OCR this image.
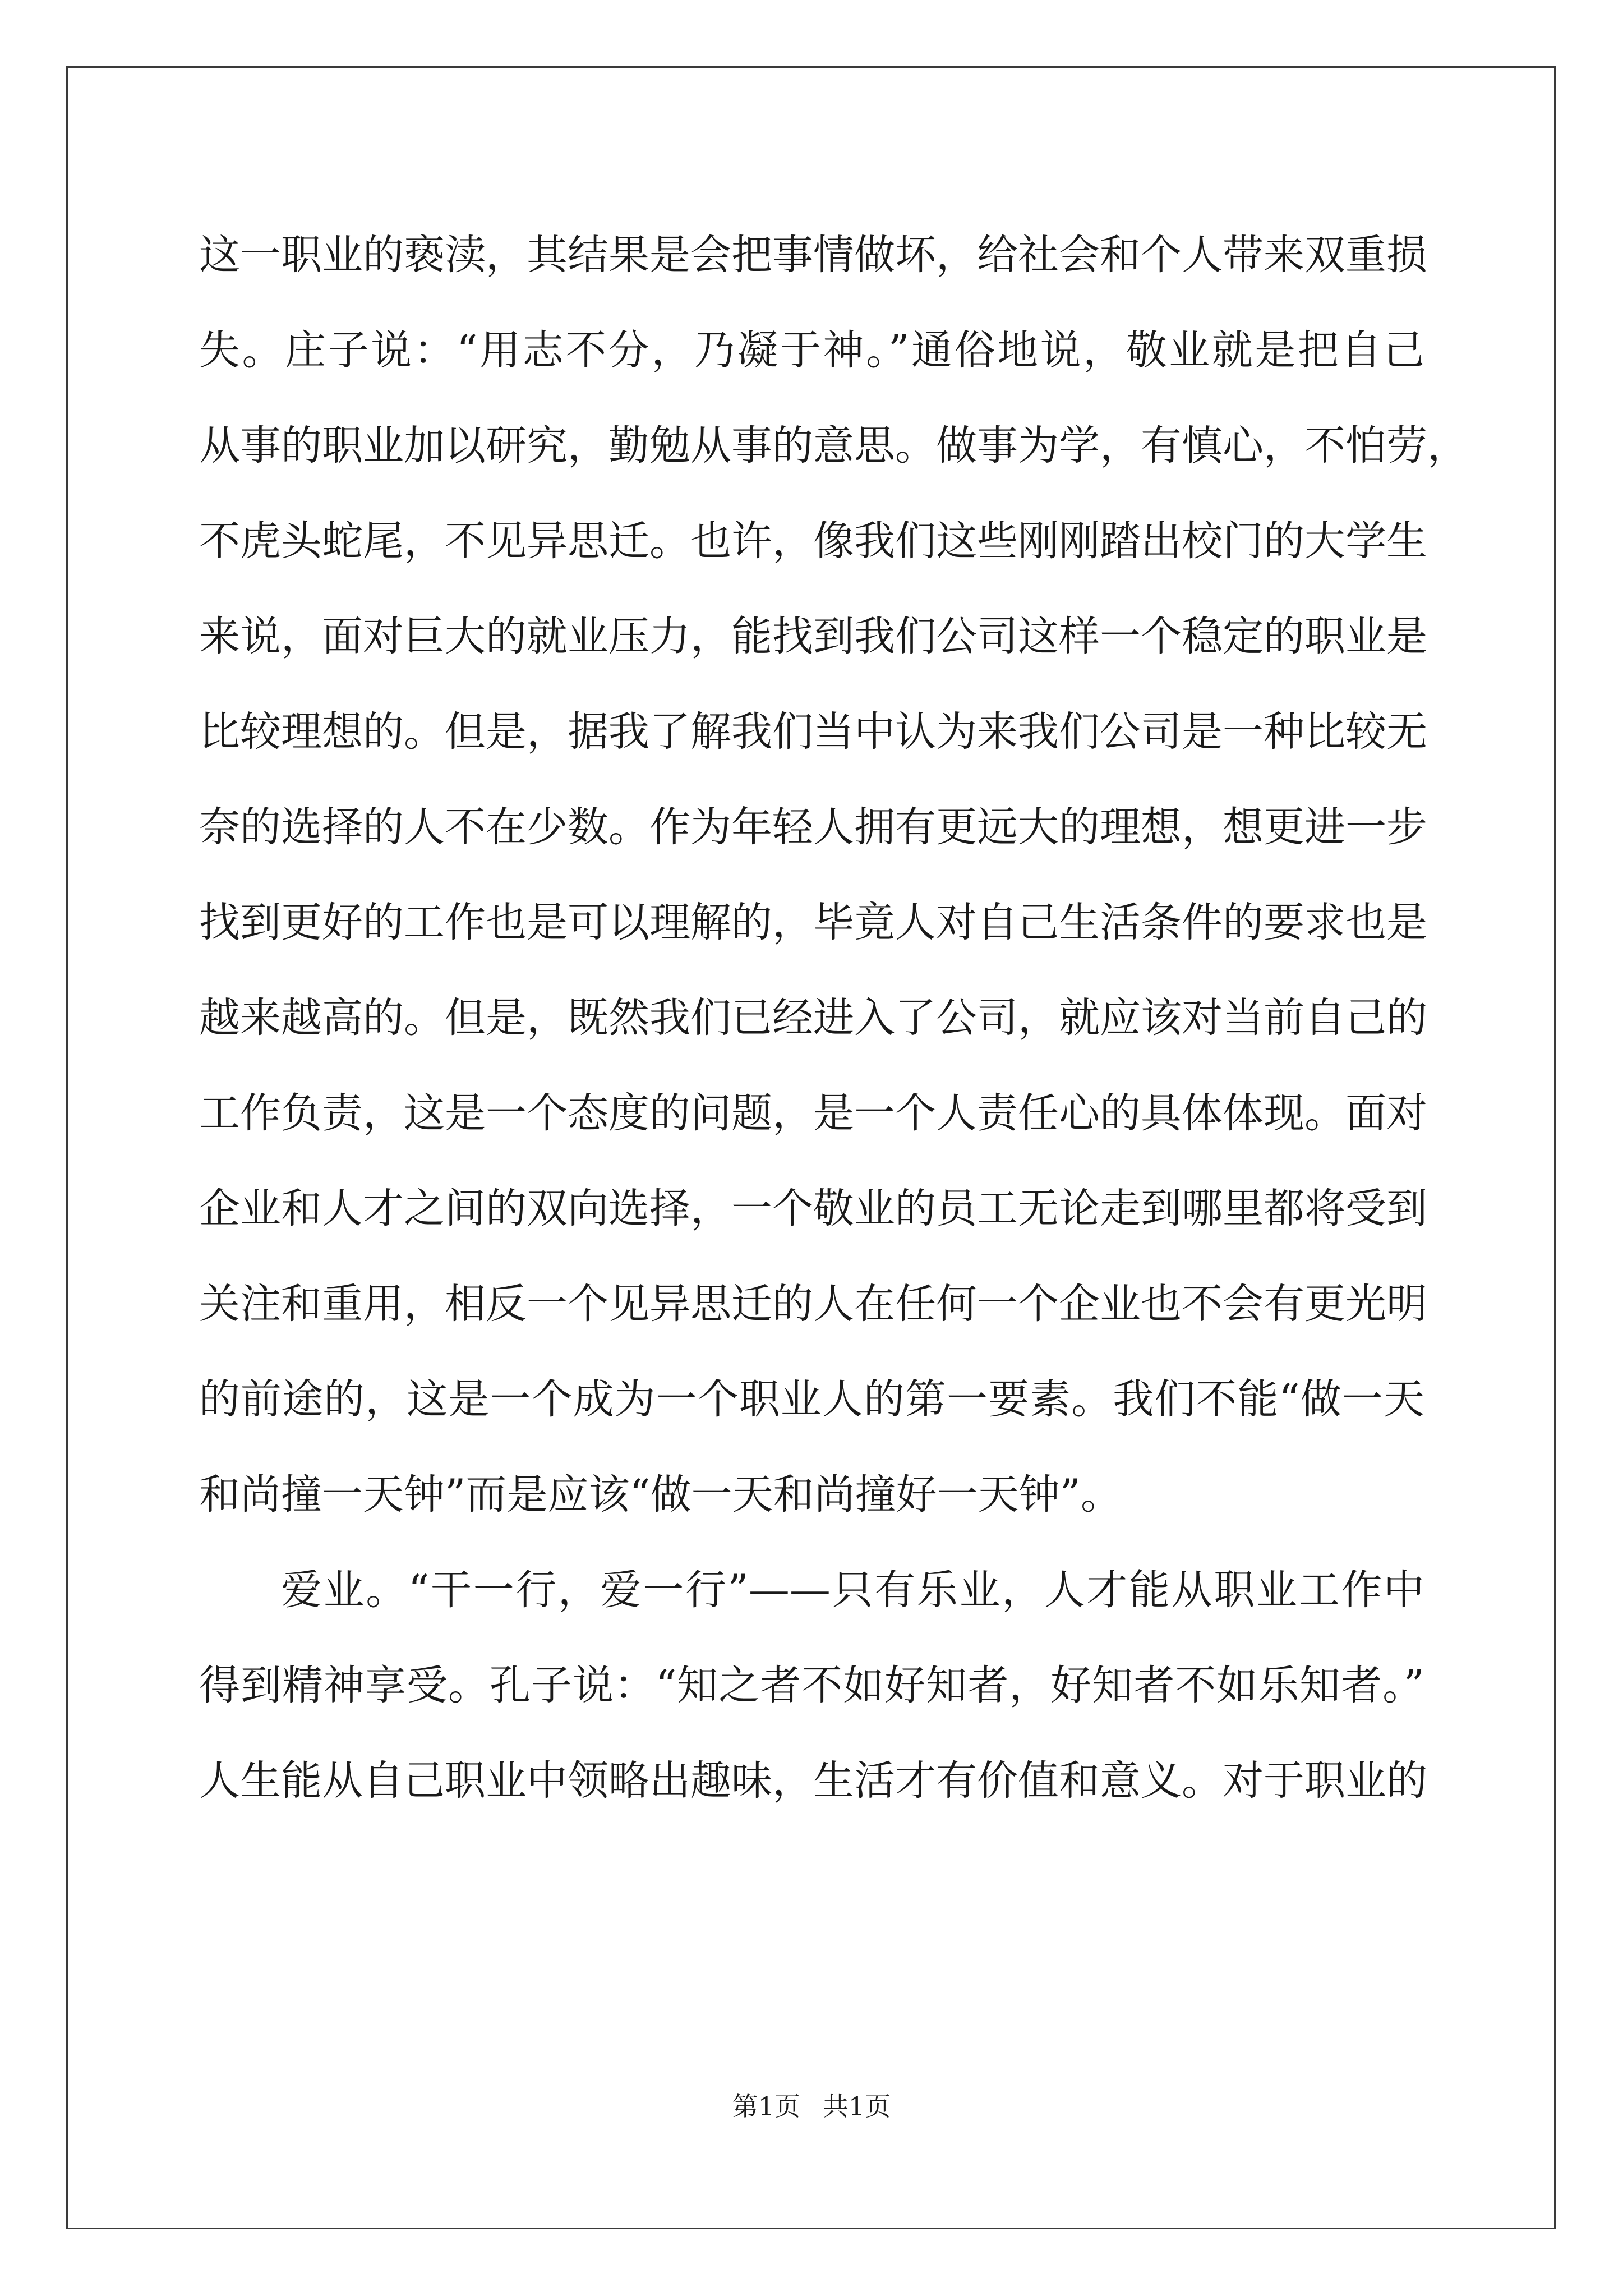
这一职业的亵渎，其结果是会把事情做坏，给社会和个人带来双重损
失。庄子说：“用志不分，乃凝于神。”通俗地说，敬业就是把自己
从事的职业加以研究，勤勉从事的意思。做事为学，有慎心，不怕劳，
不虎头蛇尾，不见异思迁。也许，像我们这些刚刚踏出校门的大学生
来说，面对巨大的就业压力，能找到我们公司这样一个稳定的职业是
比较理想的。但是，据我了解我们当中认为来我们公司是一种比较无
奈的选择的人不在少数。作为年轻人拥有更远大的理想，想更进一步
找到更好的工作也是可以理解的，毕竟人对自己生活条件的要求也是
越来越高的。但是，既然我们已经进入了公司，就应该对当前自己的
工作负责，这是一个态度的问题，是一个人责任心的具体体现。面对
企业和人才之间的双向选择，一个敬业的员工无论走到哪里都将受到
关注和重用，相反一个见异思迁的人在任何一个企业也不会有更光明
的前途的，这是一个成为一个职业人的第一要素。我们不能“做一天
和尚撞一天钟”而是应该“做一天和尚撞好一天钟”。
爱业。“干一行，爱一行”——只有乐业，人才能从职业工作中
得到精神享受。孔子说：“知之者不如好知者，好知者不如乐知者。”
人生能从自己职业中领略出趣味，生活才有价值和意义。对于职业的
第1页 共1页
